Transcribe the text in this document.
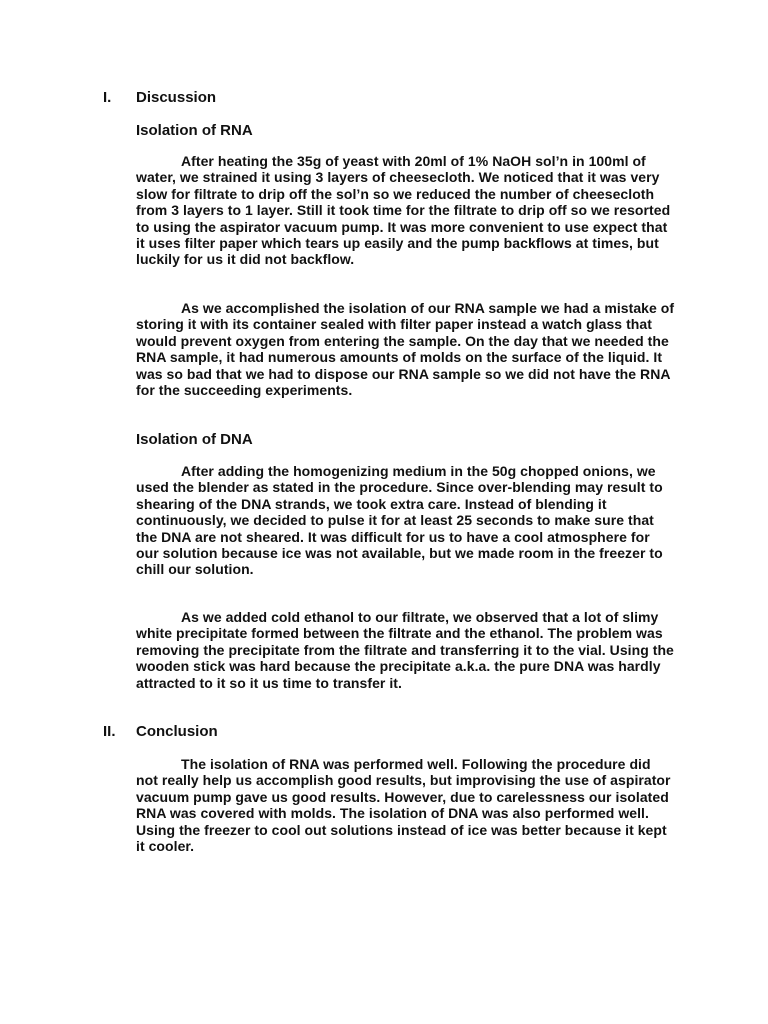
I.	Discussion
Isolation of RNA

After heating the 35g of yeast with 20ml of 1% NaOH sol’n in 100ml of water, we strained it using 3 layers of cheesecloth. We noticed that it was very slow for filtrate to drip off the sol’n so we reduced the number of cheesecloth from 3 layers to 1 layer. Still it took time for the filtrate to drip off so we resorted to using the aspirator vacuum pump. It was more convenient to use expect that it uses filter paper which tears up easily and the pump backflows at times, but luckily for us it did not backflow.

As we accomplished the isolation of our RNA sample we had a mistake of storing it with its container sealed with filter paper instead a watch glass that would prevent oxygen from entering the sample. On the day that we needed the RNA sample, it had numerous amounts of molds on the surface of the liquid. It was so bad that we had to dispose our RNA sample so we did not have the RNA for the succeeding experiments.

Isolation of DNA

After adding the homogenizing medium in the 50g chopped onions, we used the blender as stated in the procedure. Since over-blending may result to shearing of the DNA strands, we took extra care. Instead of blending it continuously, we decided to pulse it for at least 25 seconds to make sure that the DNA are not sheared. It was difficult for us to have a cool atmosphere for our solution because ice was not available, but we made room in the freezer to chill our solution.

As we added cold ethanol to our filtrate, we observed that a lot of slimy white precipitate formed between the filtrate and the ethanol. The problem was removing the precipitate from the filtrate and transferring it to the vial. Using the wooden stick was hard because the precipitate a.k.a. the pure DNA was hardly attracted to it so it us time to transfer it.

II.	Conclusion

The isolation of RNA was performed well. Following the procedure did not really help us accomplish good results, but improvising the use of aspirator vacuum pump gave us good results. However, due to carelessness our isolated RNA was covered with molds. The isolation of DNA was also performed well. Using the freezer to cool out solutions instead of ice was better because it kept it cooler.
